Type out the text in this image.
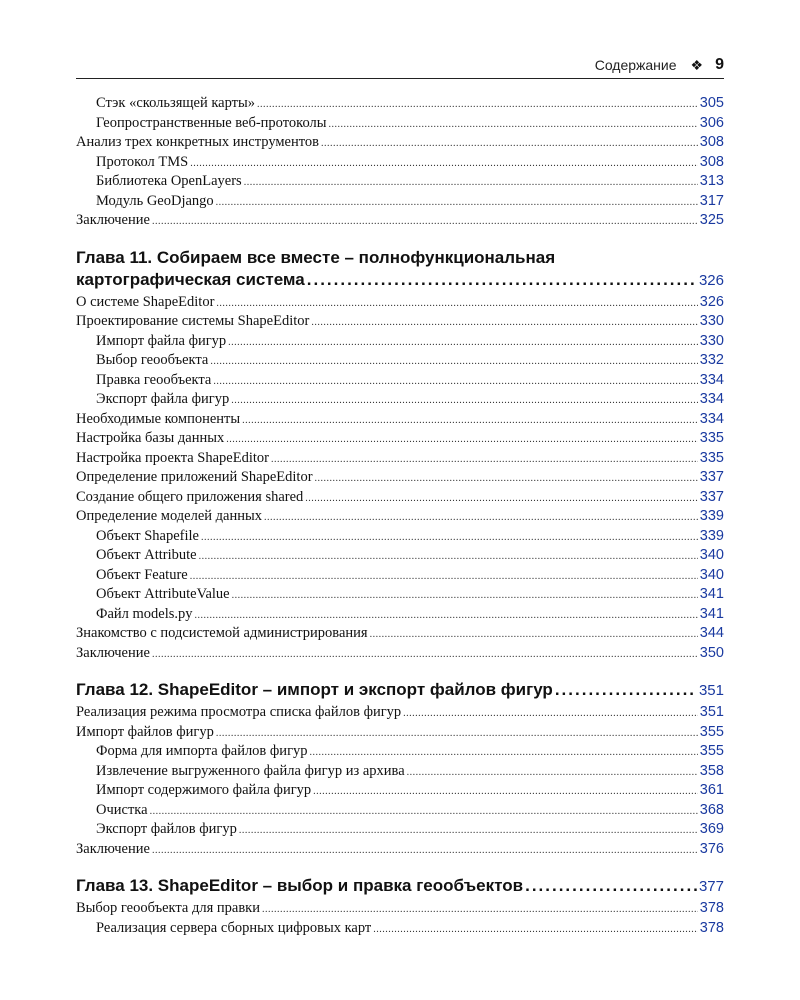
Содержание ❖ 9
Стэк «скользящей карты» .....	305
Геопространственные веб-протоколы .....	306
Анализ трех конкретных инструментов .....	308
Протокол TMS .....	308
Библиотека OpenLayers .....	313
Модуль GeoDjango .....	317
Заключение .....	325
Глава 11. Собираем все вместе – полнофункциональная
картографическая система .....	326
О системе ShapeEditor .....	326
Проектирование системы ShapeEditor .....	330
Импорт файла фигур .....	330
Выбор геообъекта .....	332
Правка геообъекта .....	334
Экспорт файла фигур .....	334
Необходимые компоненты .....	334
Настройка базы данных .....	335
Настройка проекта ShapeEditor .....	335
Определение приложений ShapeEditor .....	337
Создание общего приложения shared .....	337
Определение моделей данных .....	339
Объект Shapefile .....	339
Объект Attribute .....	340
Объект Feature .....	340
Объект AttributeValue .....	341
Файл models.py .....	341
Знакомство с подсистемой администрирования .....	344
Заключение .....	350
Глава 12. ShapeEditor – импорт и экспорт файлов фигур .....	351
Реализация режима просмотра списка файлов фигур .....	351
Импорт файлов фигур .....	355
Форма для импорта файлов фигур .....	355
Извлечение выгруженного файла фигур из архива .....	358
Импорт содержимого файла фигур .....	361
Очистка .....	368
Экспорт файлов фигур .....	369
Заключение .....	376
Глава 13. ShapeEditor – выбор и правка геообъектов .....	377
Выбор геообъекта для правки .....	378
Реализация сервера сборных цифровых карт .....	378
